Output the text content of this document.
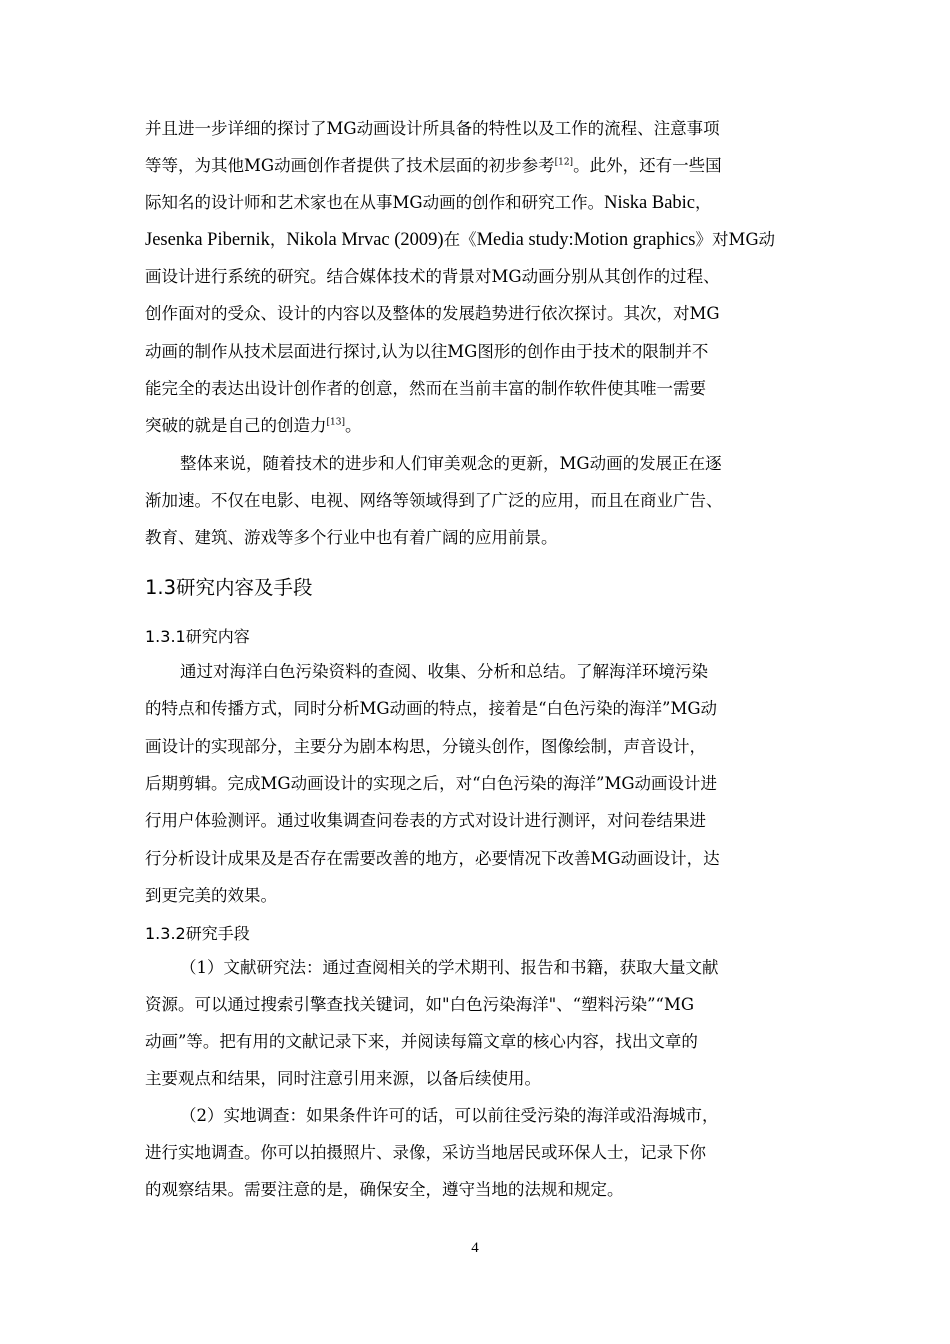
并且进一步详细的探讨了MG动画设计所具备的特性以及工作的流程、注意事项
等等，为其他MG动画创作者提供了技术层面的初步参考[12]。此外，还有一些国
际知名的设计师和艺术家也在从事MG动画的创作和研究工作。Niska Babic，
Jesenka Pibernik，Nikola Mrvac (2009)在《Media study:Motion graphics》对MG动
画设计进行系统的研究。结合媒体技术的背景对MG动画分别从其创作的过程、
创作面对的受众、设计的内容以及整体的发展趋势进行依次探讨。其次，对MG
动画的制作从技术层面进行探讨,认为以往MG图形的创作由于技术的限制并不
能完全的表达出设计创作者的创意，然而在当前丰富的制作软件使其唯一需要
突破的就是自己的创造力[13]。
整体来说，随着技术的进步和人们审美观念的更新，MG动画的发展正在逐
渐加速。不仅在电影、电视、网络等领域得到了广泛的应用，而且在商业广告、
教育、建筑、游戏等多个行业中也有着广阔的应用前景。
1.3研究内容及手段
1.3.1研究内容
通过对海洋白色污染资料的查阅、收集、分析和总结。了解海洋环境污染
的特点和传播方式，同时分析MG动画的特点，接着是“白色污染的海洋”MG动
画设计的实现部分，主要分为剧本构思，分镜头创作，图像绘制，声音设计，
后期剪辑。完成MG动画设计的实现之后，对“白色污染的海洋”MG动画设计进
行用户体验测评。通过收集调查问卷表的方式对设计进行测评，对问卷结果进
行分析设计成果及是否存在需要改善的地方，必要情况下改善MG动画设计，达
到更完美的效果。
1.3.2研究手段
（1）文献研究法：通过查阅相关的学术期刊、报告和书籍，获取大量文献
资源。可以通过搜索引擎查找关键词，如"白色污染海洋"、“塑料污染”“MG
动画”等。把有用的文献记录下来，并阅读每篇文章的核心内容，找出文章的
主要观点和结果，同时注意引用来源，以备后续使用。
（2）实地调查：如果条件许可的话，可以前往受污染的海洋或沿海城市，
进行实地调查。你可以拍摄照片、录像，采访当地居民或环保人士，记录下你
的观察结果。需要注意的是，确保安全，遵守当地的法规和规定。
4
